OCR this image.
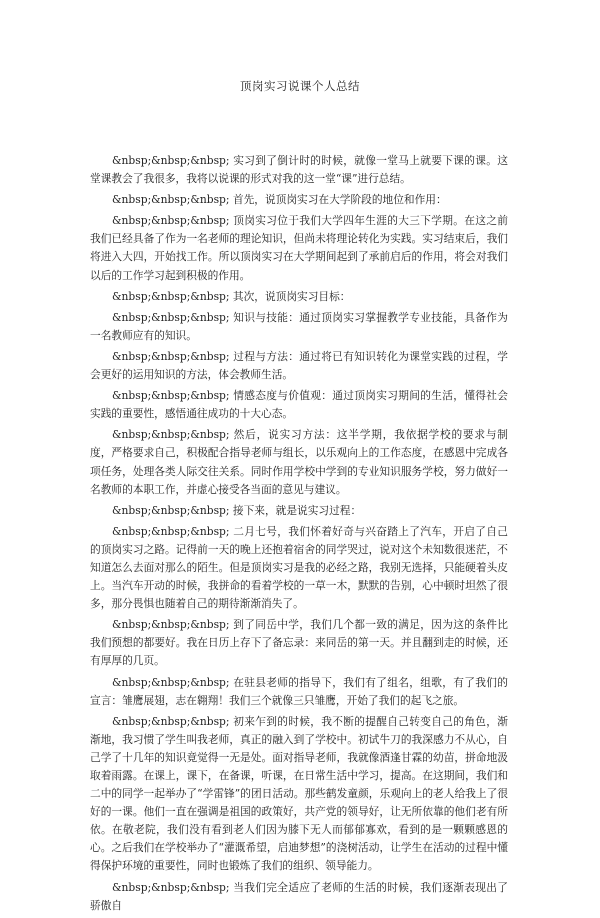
顶岗实习说课个人总结

&nbsp;&nbsp;&nbsp; 实习到了倒计时的时候，就像一堂马上就要下课的课。这堂课教会了我很多，我将以说课的形式对我的这一堂“课”进行总结。

&nbsp;&nbsp;&nbsp; 首先，说顶岗实习在大学阶段的地位和作用：

&nbsp;&nbsp;&nbsp; 顶岗实习位于我们大学四年生涯的大三下学期。在这之前我们已经具备了作为一名老师的理论知识，但尚未将理论转化为实践。实习结束后，我们将进入大四，开始找工作。所以顶岗实习在大学期间起到了承前启后的作用，将会对我们以后的工作学习起到积极的作用。

&nbsp;&nbsp;&nbsp; 其次，说顶岗实习目标：

&nbsp;&nbsp;&nbsp; 知识与技能：通过顶岗实习掌握教学专业技能，具备作为一名教师应有的知识。

&nbsp;&nbsp;&nbsp; 过程与方法：通过将已有知识转化为课堂实践的过程，学会更好的运用知识的方法，体会教师生活。

&nbsp;&nbsp;&nbsp; 情感态度与价值观：通过顶岗实习期间的生活，懂得社会实践的重要性，感悟通往成功的十大心态。

&nbsp;&nbsp;&nbsp; 然后，说实习方法：这半学期，我依据学校的要求与制度，严格要求自己，积极配合指导老师与组长，以乐观向上的工作态度，在感恩中完成各项任务，处理各类人际交往关系。同时作用学校中学到的专业知识服务学校，努力做好一名教师的本职工作，并虚心接受各当面的意见与建议。

&nbsp;&nbsp;&nbsp; 接下来，就是说实习过程：

&nbsp;&nbsp;&nbsp; 二月七号，我们怀着好奇与兴奋踏上了汽车，开启了自己的顶岗实习之路。记得前一天的晚上还抱着宿舍的同学哭过，说对这个未知数很迷茫，不知道怎么去面对那么的陌生。但是顶岗实习是我的必经之路，我别无选择，只能硬着头皮上。当汽车开动的时候，我拼命的看着学校的一草一木，默默的告别，心中顿时坦然了很多，那分畏惧也随着自己的期待渐渐消失了。

&nbsp;&nbsp;&nbsp; 到了同岳中学，我们几个都一致的满足，因为这的条件比我们预想的都要好。我在日历上存下了备忘录：来同岳的第一天。并且翻到走的时候，还有厚厚的几页。

&nbsp;&nbsp;&nbsp; 在驻县老师的指导下，我们有了组名，组歌，有了我们的宣言：雏鹰展翅，志在翱翔！我们三个就像三只雏鹰，开始了我们的起飞之旅。

&nbsp;&nbsp;&nbsp; 初来乍到的时候，我不断的提醒自己转变自己的角色，渐渐地，我习惯了学生叫我老师，真正的融入到了学校中。初试牛刀的我深感力不从心，自己学了十几年的知识竟觉得一无是处。面对指导老师，我就像酒逢甘霖的幼苗，拼命地汲取着雨露。在课上，课下，在备课，听课，在日常生活中学习，提高。在这期间，我们和二中的同学一起举办了“学雷锋”的团日活动。那些鹤发童颜，乐观向上的老人给我上了很好的一课。他们一直在强调是祖国的政策好，共产党的领导好，让无所依靠的他们老有所依。在敬老院，我们没有看到老人们因为膝下无人而郁郁寡欢，看到的是一颗颗感恩的心。之后我们在学校举办了“灌溉希望，启迪梦想”的浇树活动，让学生在活动的过程中懂得保护环境的重要性，同时也锻炼了我们的组织、领导能力。

&nbsp;&nbsp;&nbsp; 当我们完全适应了老师的生活的时候，我们逐渐表现出了骄傲自
